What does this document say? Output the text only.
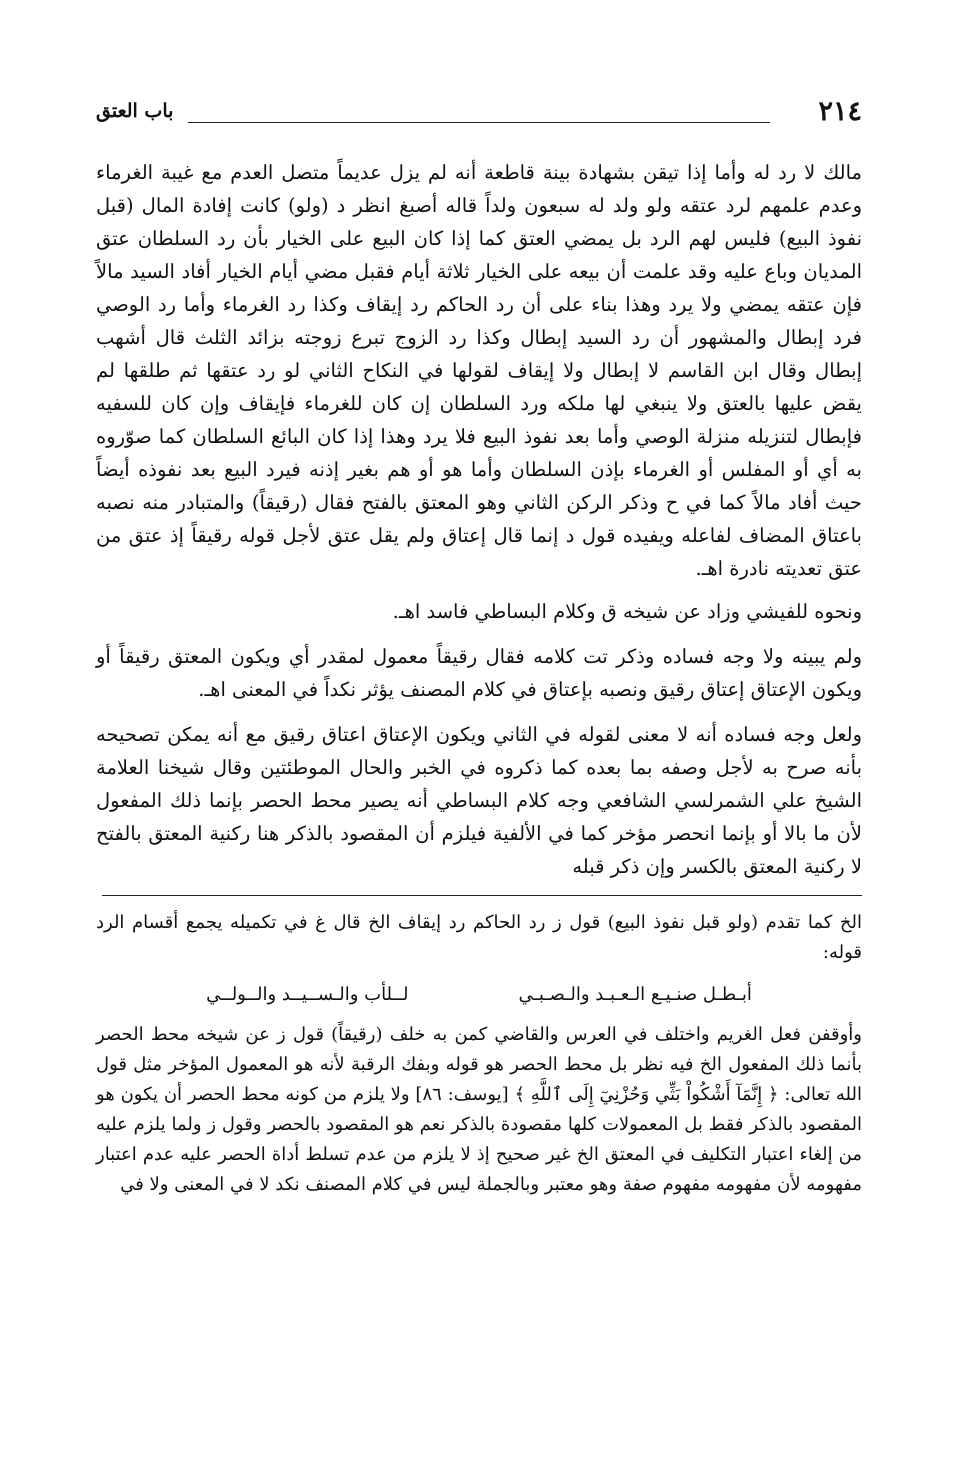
٢١٤
باب العتق

مالك لا رد له وأما إذا تيقن بشهادة بينة قاطعة أنه لم يزل عديماً متصل العدم مع غيبة الغرماء وعدم علمهم لرد عتقه ولو ولد له سبعون ولداً قاله أصبغ انظر د (ولو) كانت إفادة المال (قبل نفوذ البيع) فليس لهم الرد بل يمضي العتق كما إذا كان البيع على الخيار بأن رد السلطان عتق المديان وباع عليه وقد علمت أن بيعه على الخيار ثلاثة أيام فقبل مضي أيام الخيار أفاد السيد مالاً فإن عتقه يمضي ولا يرد وهذا بناء على أن رد الحاكم رد إيقاف وكذا رد الغرماء وأما رد الوصي فرد إبطال والمشهور أن رد السيد إبطال وكذا رد الزوج تبرع زوجته بزائد الثلث قال أشهب إبطال وقال ابن القاسم لا إبطال ولا إيقاف لقولها في النكاح الثاني لو رد عتقها ثم طلقها لم يقض عليها بالعتق ولا ينبغي لها ملكه ورد السلطان إن كان للغرماء فإيقاف وإن كان للسفيه فإبطال لتنزيله منزلة الوصي وأما بعد نفوذ البيع فلا يرد وهذا إذا كان البائع السلطان كما صوّروه به أي أو المفلس أو الغرماء بإذن السلطان وأما هو أو هم بغير إذنه فيرد البيع بعد نفوذه أيضاً حيث أفاد مالاً كما في ح وذكر الركن الثاني وهو المعتق بالفتح فقال (رقيقاً) والمتبادر منه نصبه باعتاق المضاف لفاعله ويفيده قول د إنما قال إعتاق ولم يقل عتق لأجل قوله رقيقاً إذ عتق من عتق تعديته نادرة اهـ.

ونحوه للفيشي وزاد عن شيخه ق وكلام البساطي فاسد اهـ.

ولم يبينه ولا وجه فساده وذكر تت كلامه فقال رقيقاً معمول لمقدر أي ويكون المعتق رقيقاً أو ويكون الإعتاق إعتاق رقيق ونصبه بإعتاق في كلام المصنف يؤثر نكداً في المعنى اهـ.

ولعل وجه فساده أنه لا معنى لقوله في الثاني ويكون الإعتاق اعتاق رقيق مع أنه يمكن تصحيحه بأنه صرح به لأجل وصفه بما بعده كما ذكروه في الخبر والحال الموطئتين وقال شيخنا العلامة الشيخ علي الشمرلسي الشافعي وجه كلام البساطي أنه يصير محط الحصر بإنما ذلك المفعول لأن ما بالا أو بإنما انحصر مؤخر كما في الألفية فيلزم أن المقصود بالذكر هنا ركنية المعتق بالفتح لا ركنية المعتق بالكسر وإن ذكر قبله

الخ كما تقدم (ولو قبل نفوذ البيع) قول ز رد الحاكم رد إيقاف الخ قال غ في تكميله يجمع أقسام الرد قوله:

أبـطـل صنـيـع الـعـبـد والـصـبـي
لــلأب والـســيــد والــولــي

وأوقفن فعل الغريم واختلف في العرس والقاضي كمن به خلف (رقيقاً) قول ز عن شيخه محط الحصر بأنما ذلك المفعول الخ فيه نظر بل محط الحصر هو قوله وبفك الرقبة لأنه هو المعمول المؤخر مثل قول الله تعالى: ﴿ إِنَّمَآ أَشْكُواْ بَثِّي وَحُزْنِيٓ إِلَى ٱللَّهِ ﴾ [يوسف: ٨٦] ولا يلزم من كونه محط الحصر أن يكون هو المقصود بالذكر فقط بل المعمولات كلها مقصودة بالذكر نعم هو المقصود بالحصر وقول ز ولما يلزم عليه من إلغاء اعتبار التكليف في المعتق الخ غير صحيح إذ لا يلزم من عدم تسلط أداة الحصر عليه عدم اعتبار مفهومه لأن مفهومه مفهوم صفة وهو معتبر وبالجملة ليس في كلام المصنف نكد لا في المعنى ولا في
